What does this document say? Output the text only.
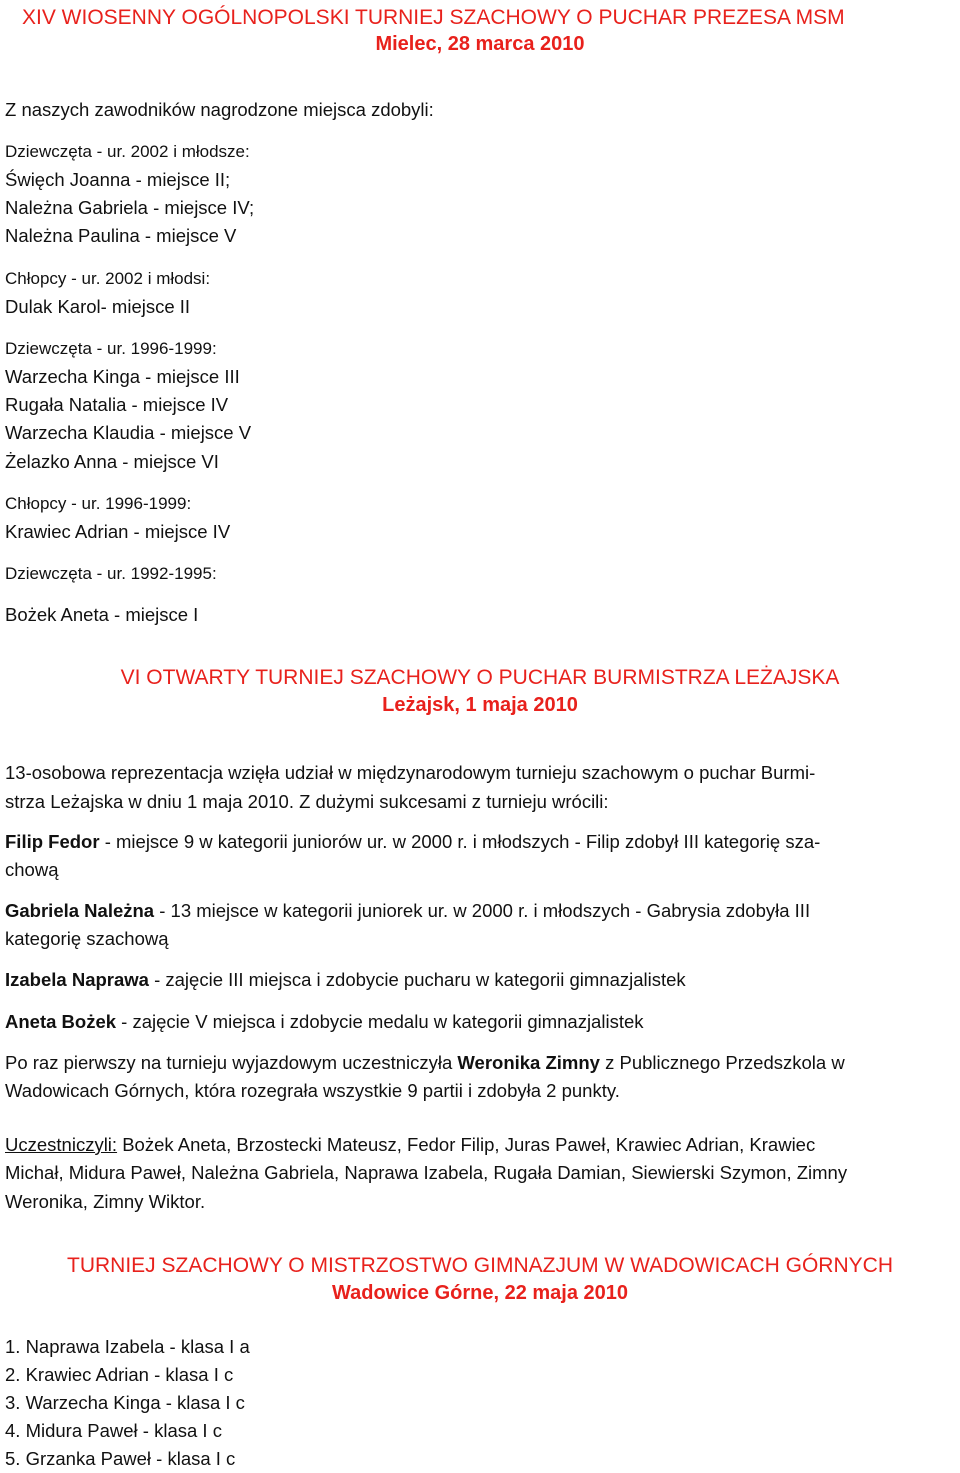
XIV WIOSENNY OGÓLNOPOLSKI TURNIEJ SZACHOWY O PUCHAR PREZESA MSM
Mielec, 28 marca 2010
Z naszych zawodników nagrodzone miejsca zdobyli:
Dziewczęta - ur. 2002 i młodsze:
Święch Joanna - miejsce II;
Należna Gabriela - miejsce IV;
Należna Paulina - miejsce V
Chłopcy - ur. 2002 i młodsi:
Dulak Karol- miejsce II
Dziewczęta - ur. 1996-1999:
Warzecha Kinga - miejsce III
Rugała Natalia - miejsce IV
Warzecha Klaudia - miejsce V
Żelazko Anna - miejsce VI
Chłopcy - ur. 1996-1999:
Krawiec Adrian - miejsce IV
Dziewczęta - ur. 1992-1995:
Bożek Aneta - miejsce I
VI OTWARTY TURNIEJ SZACHOWY O PUCHAR BURMISTRZA LEŻAJSKA
Leżajsk, 1 maja 2010
13-osobowa reprezentacja wzięła udział w międzynarodowym turnieju szachowym o puchar Burmi-
strza Leżajska w dniu 1 maja 2010. Z dużymi sukcesami z turnieju wrócili:
Filip Fedor - miejsce 9 w kategorii juniorów ur. w 2000 r. i młodszych - Filip zdobył III kategorię sza-
chową
Gabriela Należna - 13 miejsce w kategorii juniorek ur. w 2000 r. i młodszych - Gabrysia zdobyła III
kategorię szachową
Izabela Naprawa - zajęcie III miejsca i zdobycie pucharu w kategorii gimnazjalistek
Aneta Bożek - zajęcie V miejsca i zdobycie medalu w kategorii gimnazjalistek
Po raz pierwszy na turnieju wyjazdowym uczestniczyła Weronika Zimny z Publicznego Przedszkola w
Wadowicach Górnych, która rozegrała wszystkie 9 partii i zdobyła 2 punkty.
Uczestniczyli: Bożek Aneta, Brzostecki Mateusz, Fedor Filip, Juras Paweł, Krawiec Adrian, Krawiec
Michał, Midura Paweł, Należna Gabriela, Naprawa Izabela, Rugała Damian, Siewierski Szymon, Zimny
Weronika, Zimny Wiktor.
TURNIEJ SZACHOWY O MISTRZOSTWO GIMNAZJUM W WADOWICACH GÓRNYCH
Wadowice Górne, 22 maja 2010
1. Naprawa Izabela - klasa I a
2. Krawiec Adrian - klasa I c
3. Warzecha Kinga - klasa I c
4. Midura Paweł - klasa I c
5. Grzanka Paweł - klasa I c
